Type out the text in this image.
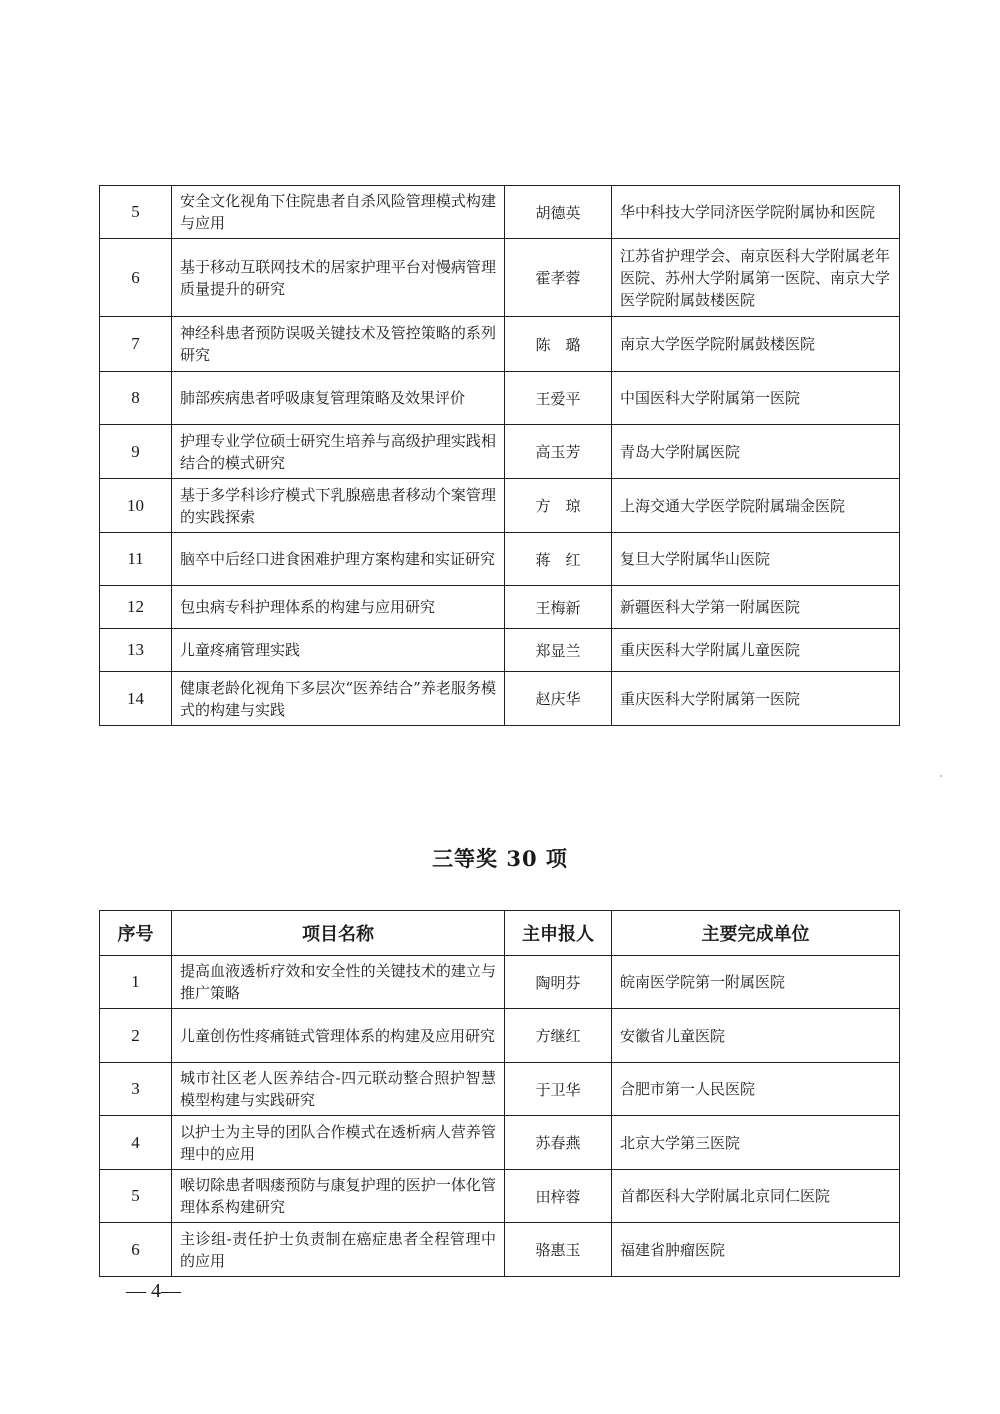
5	安全文化视角下住院患者自杀风险管理模式构建与应用	胡德英	华中科技大学同济医学院附属协和医院
6	基于移动互联网技术的居家护理平台对慢病管理质量提升的研究	霍孝蓉	江苏省护理学会、南京医科大学附属老年医院、苏州大学附属第一医院、南京大学医学院附属鼓楼医院
7	神经科患者预防误吸关键技术及管控策略的系列研究	陈　璐	南京大学医学院附属鼓楼医院
8	肺部疾病患者呼吸康复管理策略及效果评价	王爱平	中国医科大学附属第一医院
9	护理专业学位硕士研究生培养与高级护理实践相结合的模式研究	高玉芳	青岛大学附属医院
10	基于多学科诊疗模式下乳腺癌患者移动个案管理的实践探索	方　琼	上海交通大学医学院附属瑞金医院
11	脑卒中后经口进食困难护理方案构建和实证研究	蒋　红	复旦大学附属华山医院
12	包虫病专科护理体系的构建与应用研究	王梅新	新疆医科大学第一附属医院
13	儿童疼痛管理实践	郑显兰	重庆医科大学附属儿童医院
14	健康老龄化视角下多层次“医养结合”养老服务模式的构建与实践	赵庆华	重庆医科大学附属第一医院
三等奖 30 项
序号	项目名称	主申报人	主要完成单位
1	提高血液透析疗效和安全性的关键技术的建立与推广策略	陶明芬	皖南医学院第一附属医院
2	儿童创伤性疼痛链式管理体系的构建及应用研究	方继红	安徽省儿童医院
3	城市社区老人医养结合-四元联动整合照护智慧模型构建与实践研究	于卫华	合肥市第一人民医院
4	以护士为主导的团队合作模式在透析病人营养管理中的应用	苏春燕	北京大学第三医院
5	喉切除患者咽瘘预防与康复护理的医护一体化管理体系构建研究	田梓蓉	首都医科大学附属北京同仁医院
6	主诊组-责任护士负责制在癌症患者全程管理中的应用	骆惠玉	福建省肿瘤医院
— 4—
